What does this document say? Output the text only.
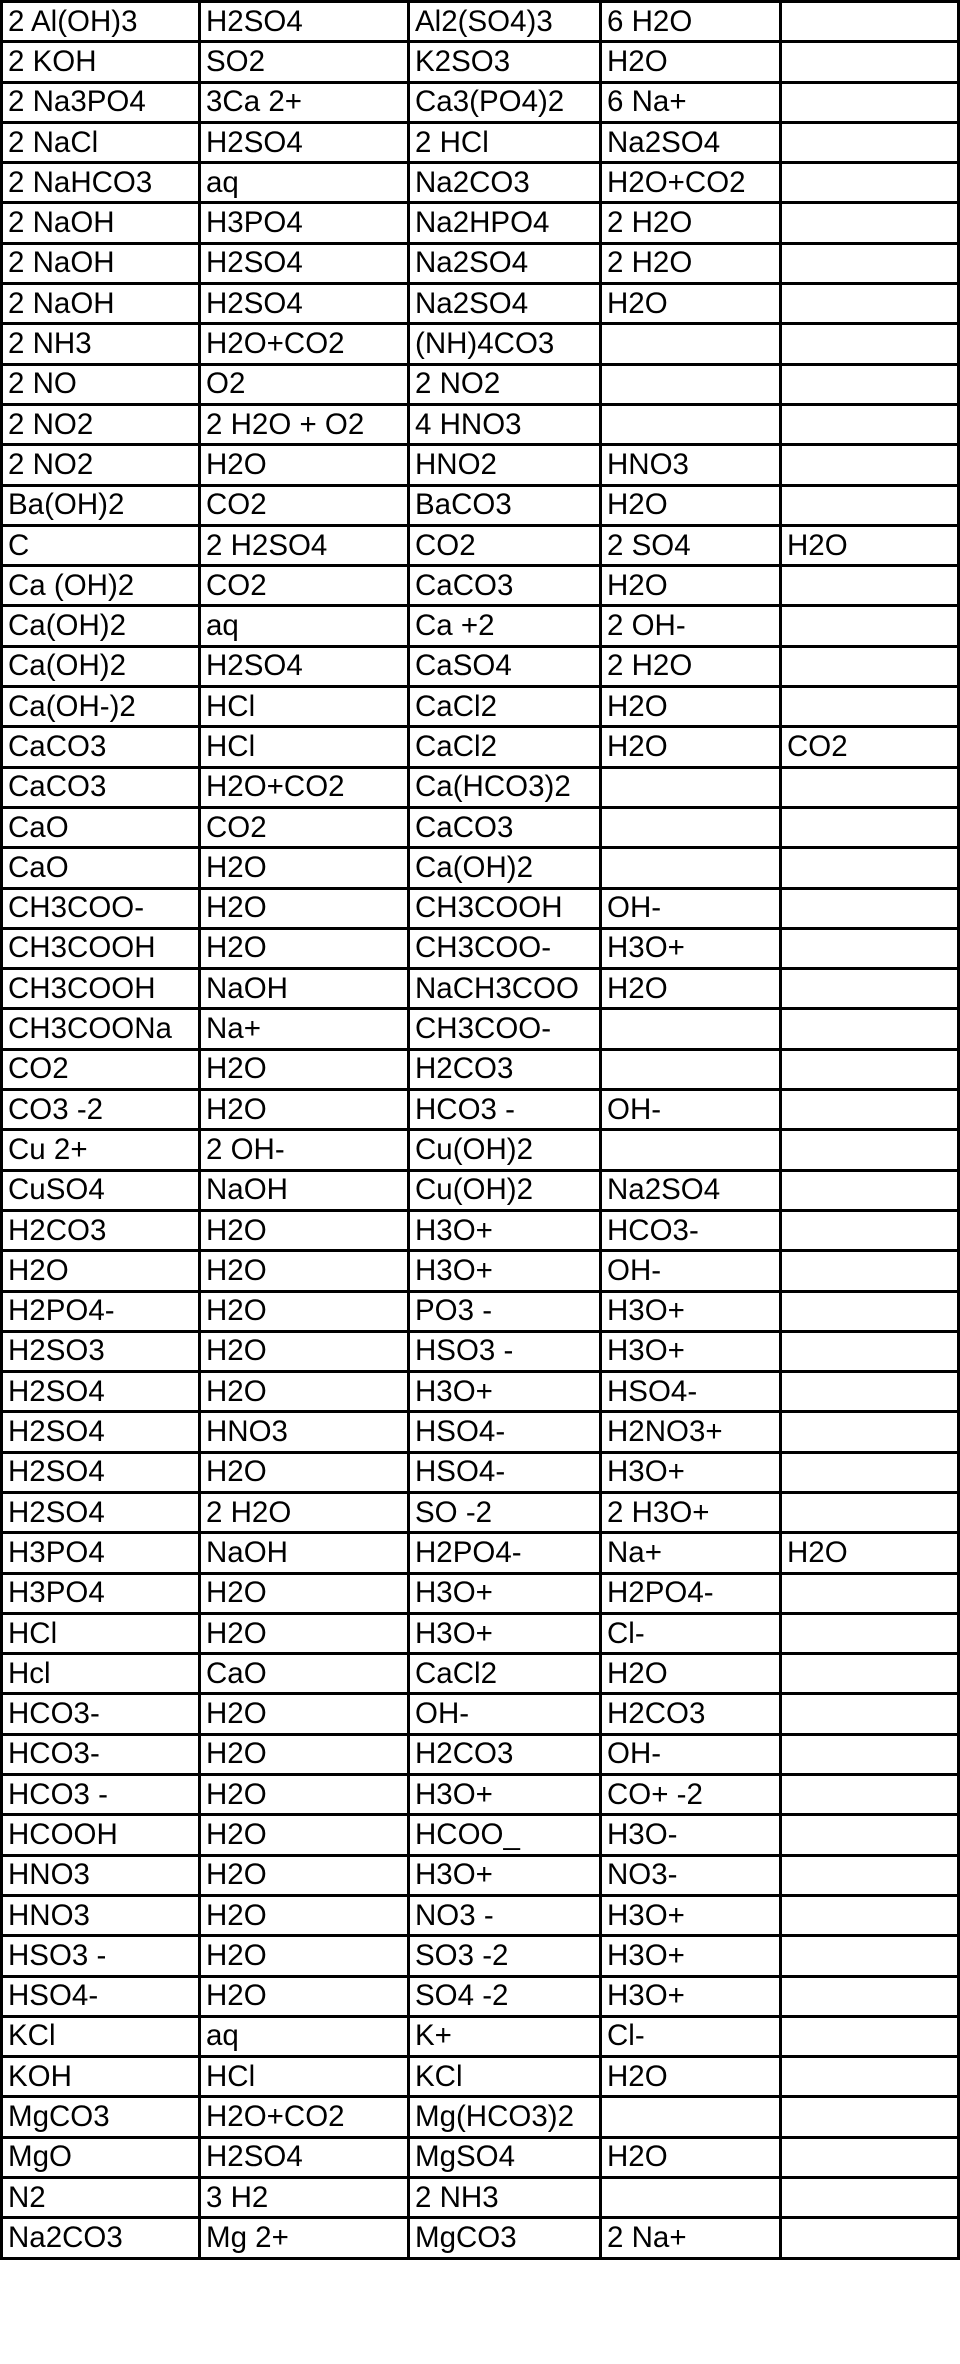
2 Al(OH)3	H2SO4	Al2(SO4)3	6 H2O	
2 KOH	SO2	K2SO3	H2O	
2 Na3PO4	3Ca 2+	Ca3(PO4)2	6 Na+	
2 NaCl	H2SO4	2 HCl	Na2SO4	
2 NaHCO3	aq	Na2CO3	H2O+CO2	
2 NaOH	H3PO4	Na2HPO4	2 H2O	
2 NaOH	H2SO4	Na2SO4	2 H2O	
2 NaOH	H2SO4	Na2SO4	H2O	
2 NH3	H2O+CO2	(NH)4CO3		
2 NO	O2	2 NO2		
2 NO2	2 H2O + O2	4 HNO3		
2 NO2	H2O	HNO2	HNO3	
Ba(OH)2	CO2	BaCO3	H2O	
C	2 H2SO4	CO2	2 SO4	H2O
Ca (OH)2	CO2	CaCO3	H2O	
Ca(OH)2	aq	Ca +2	2 OH-	
Ca(OH)2	H2SO4	CaSO4	2 H2O	
Ca(OH-)2	HCl	CaCl2	H2O	
CaCO3	HCl	CaCl2	H2O	CO2
CaCO3	H2O+CO2	Ca(HCO3)2		
CaO	CO2	CaCO3		
CaO	H2O	Ca(OH)2		
CH3COO-	H2O	CH3COOH	OH-	
CH3COOH	H2O	CH3COO-	H3O+	
CH3COOH	NaOH	NaCH3COO	H2O	
CH3COONa	Na+	CH3COO-		
CO2	H2O	H2CO3		
CO3 -2	H2O	HCO3 -	OH-	
Cu 2+	2 OH-	Cu(OH)2		
CuSO4	NaOH	Cu(OH)2	Na2SO4	
H2CO3	H2O	H3O+	HCO3-	
H2O	H2O	H3O+	OH-	
H2PO4-	H2O	PO3 -	H3O+	
H2SO3	H2O	HSO3 -	H3O+	
H2SO4	H2O	H3O+	HSO4-	
H2SO4	HNO3	HSO4-	H2NO3+	
H2SO4	H2O	HSO4-	H3O+	
H2SO4	2 H2O	SO -2	2 H3O+	
H3PO4	NaOH	H2PO4-	Na+	H2O
H3PO4	H2O	H3O+	H2PO4-	
HCl	H2O	H3O+	Cl-	
Hcl	CaO	CaCl2	H2O	
HCO3-	H2O	OH-	H2CO3	
HCO3-	H2O	H2CO3	OH-	
HCO3 -	H2O	H3O+	CO+ -2	
HCOOH	H2O	HCOO_	H3O-	
HNO3	H2O	H3O+	NO3-	
HNO3	H2O	NO3 -	H3O+	
HSO3 -	H2O	SO3 -2	H3O+	
HSO4-	H2O	SO4 -2	H3O+	
KCl	aq	K+	Cl-	
KOH	HCl	KCl	H2O	
MgCO3	H2O+CO2	Mg(HCO3)2		
MgO	H2SO4	MgSO4	H2O	
N2	3 H2	2 NH3		
Na2CO3	Mg 2+	MgCO3	2 Na+	
